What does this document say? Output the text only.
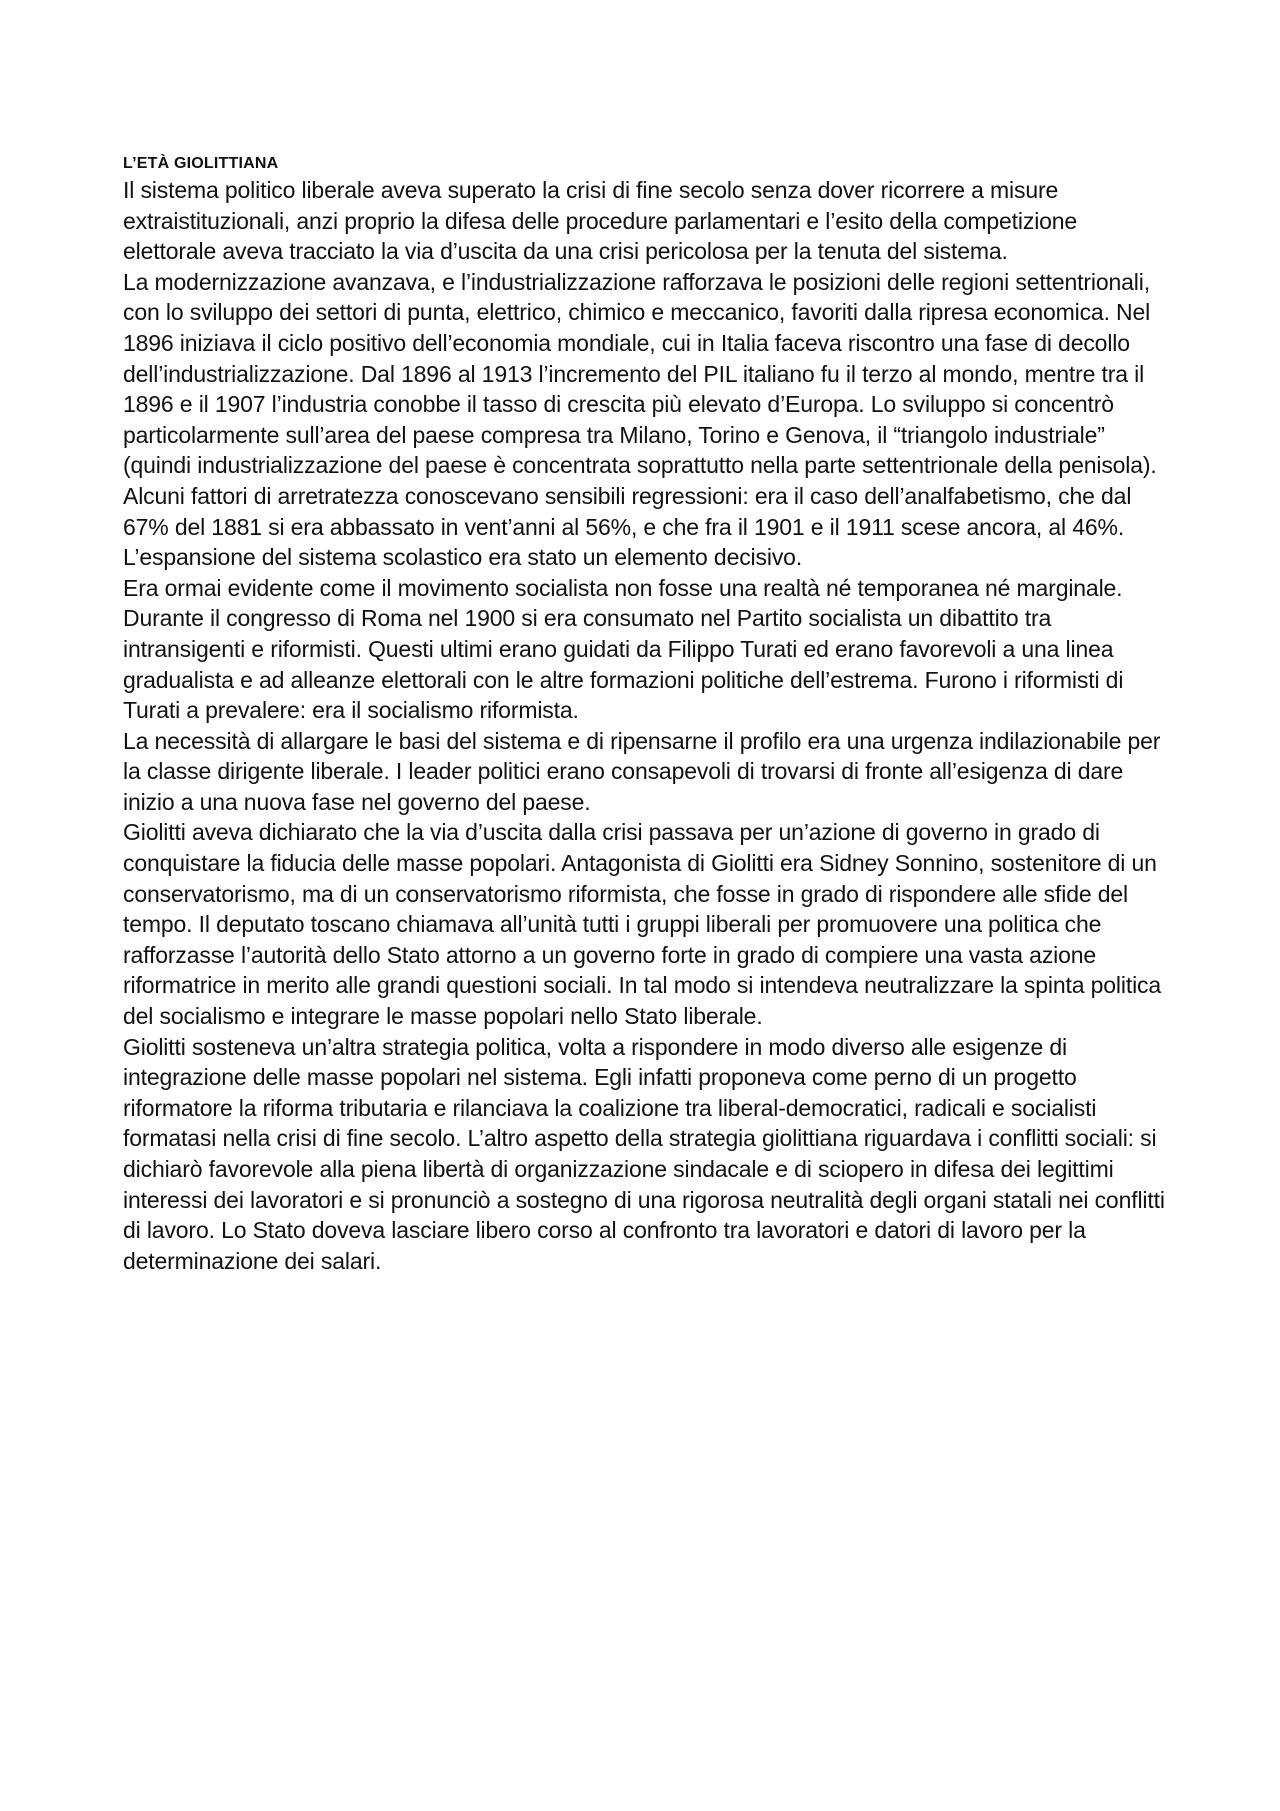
L’ETÀ GIOLITTIANA

Il sistema politico liberale aveva superato la crisi di fine secolo senza dover ricorrere a misure extraistituzionali, anzi proprio la difesa delle procedure parlamentari e l’esito della competizione elettorale aveva tracciato la via d’uscita da una crisi pericolosa per la tenuta del sistema.

La modernizzazione avanzava, e l’industrializzazione rafforzava le posizioni delle regioni settentrionali, con lo sviluppo dei settori di punta, elettrico, chimico e meccanico, favoriti dalla ripresa economica. Nel 1896 iniziava il ciclo positivo dell’economia mondiale, cui in Italia faceva riscontro una fase di decollo dell’industrializzazione. Dal 1896 al 1913 l’incremento del PIL italiano fu il terzo al mondo, mentre tra il 1896 e il 1907 l’industria conobbe il tasso di crescita più elevato d’Europa. Lo sviluppo si concentrò particolarmente sull’area del paese compresa tra Milano, Torino e Genova, il “triangolo industriale” (quindi industrializzazione del paese è concentrata soprattutto nella parte settentrionale della penisola). Alcuni fattori di arretratezza conoscevano sensibili regressioni: era il caso dell’analfabetismo, che dal 67% del 1881 si era abbassato in vent’anni al 56%, e che fra il 1901 e il 1911 scese ancora, al 46%. L’espansione del sistema scolastico era stato un elemento decisivo.

Era ormai evidente come il movimento socialista non fosse una realtà né temporanea né marginale. Durante il congresso di Roma nel 1900 si era consumato nel Partito socialista un dibattito tra intransigenti e riformisti. Questi ultimi erano guidati da Filippo Turati ed erano favorevoli a una linea gradualista e ad alleanze elettorali con le altre formazioni politiche dell’estrema. Furono i riformisti di Turati a prevalere: era il socialismo riformista.

La necessità di allargare le basi del sistema e di ripensarne il profilo era una urgenza indilazionabile per la classe dirigente liberale. I leader politici erano consapevoli di trovarsi di fronte all’esigenza di dare inizio a una nuova fase nel governo del paese.

Giolitti aveva dichiarato che la via d’uscita dalla crisi passava per un’azione di governo in grado di conquistare la fiducia delle masse popolari. Antagonista di Giolitti era Sidney Sonnino, sostenitore di un conservatorismo, ma di un conservatorismo riformista, che fosse in grado di rispondere alle sfide del tempo. Il deputato toscano chiamava all’unità tutti i gruppi liberali per promuovere una politica che rafforzasse l’autorità dello Stato attorno a un governo forte in grado di compiere una vasta azione riformatrice in merito alle grandi questioni sociali. In tal modo si intendeva neutralizzare la spinta politica del socialismo e integrare le masse popolari nello Stato liberale.

Giolitti sosteneva un’altra strategia politica, volta a rispondere in modo diverso alle esigenze di integrazione delle masse popolari nel sistema. Egli infatti proponeva come perno di un progetto riformatore la riforma tributaria e rilanciava la coalizione tra liberal-democratici, radicali e socialisti formatasi nella crisi di fine secolo. L’altro aspetto della strategia giolittiana riguardava i conflitti sociali: si dichiarò favorevole alla piena libertà di organizzazione sindacale e di sciopero in difesa dei legittimi interessi dei lavoratori e si pronunciò a sostegno di una rigorosa neutralità degli organi statali nei conflitti di lavoro. Lo Stato doveva lasciare libero corso al confronto tra lavoratori e datori di lavoro per la determinazione dei salari.
